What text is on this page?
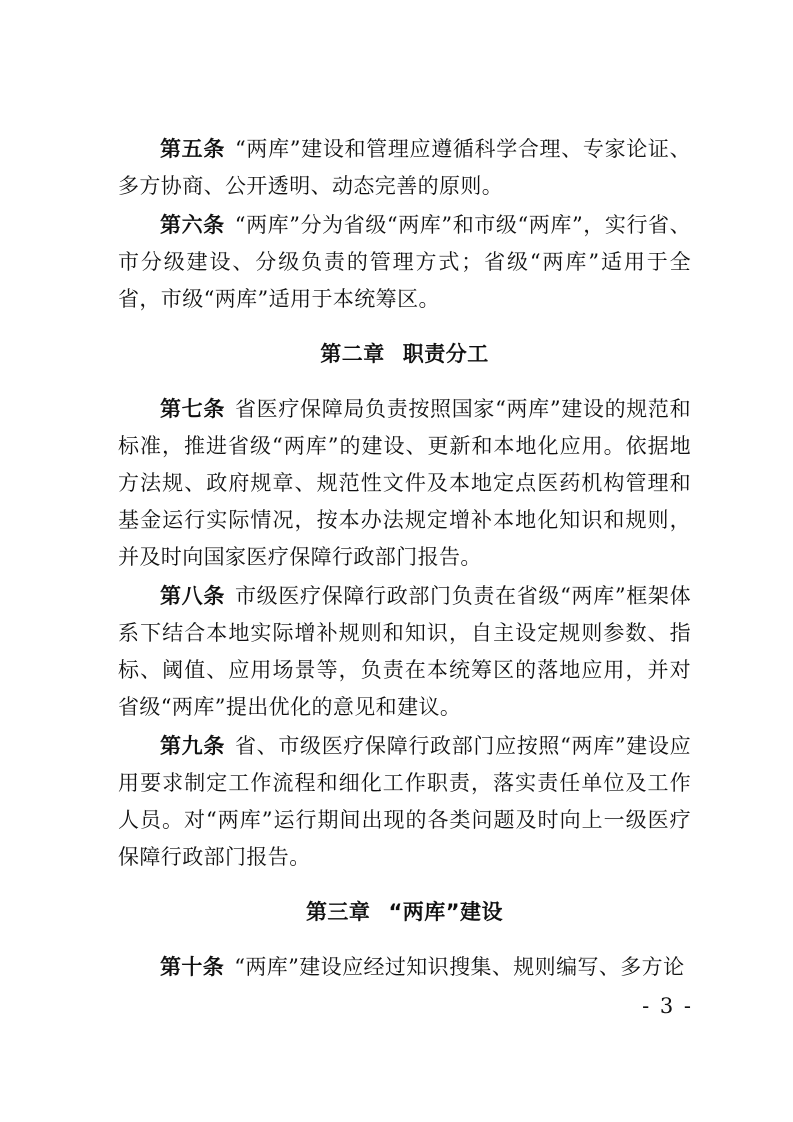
第五条 “两库”建设和管理应遵循科学合理、专家论证、多方协商、公开透明、动态完善的原则。

第六条 “两库”分为省级“两库”和市级“两库”，实行省、市分级建设、分级负责的管理方式；省级“两库”适用于全省，市级“两库”适用于本统筹区。

第二章 职责分工

第七条 省医疗保障局负责按照国家“两库”建设的规范和标准，推进省级“两库”的建设、更新和本地化应用。依据地方法规、政府规章、规范性文件及本地定点医药机构管理和基金运行实际情况，按本办法规定增补本地化知识和规则，并及时向国家医疗保障行政部门报告。

第八条 市级医疗保障行政部门负责在省级“两库”框架体系下结合本地实际增补规则和知识，自主设定规则参数、指标、阈值、应用场景等，负责在本统筹区的落地应用，并对省级“两库”提出优化的意见和建议。

第九条 省、市级医疗保障行政部门应按照“两库”建设应用要求制定工作流程和细化工作职责，落实责任单位及工作人员。对“两库”运行期间出现的各类问题及时向上一级医疗保障行政部门报告。

第三章 “两库”建设

第十条 “两库”建设应经过知识搜集、规则编写、多方论

- 3 -
